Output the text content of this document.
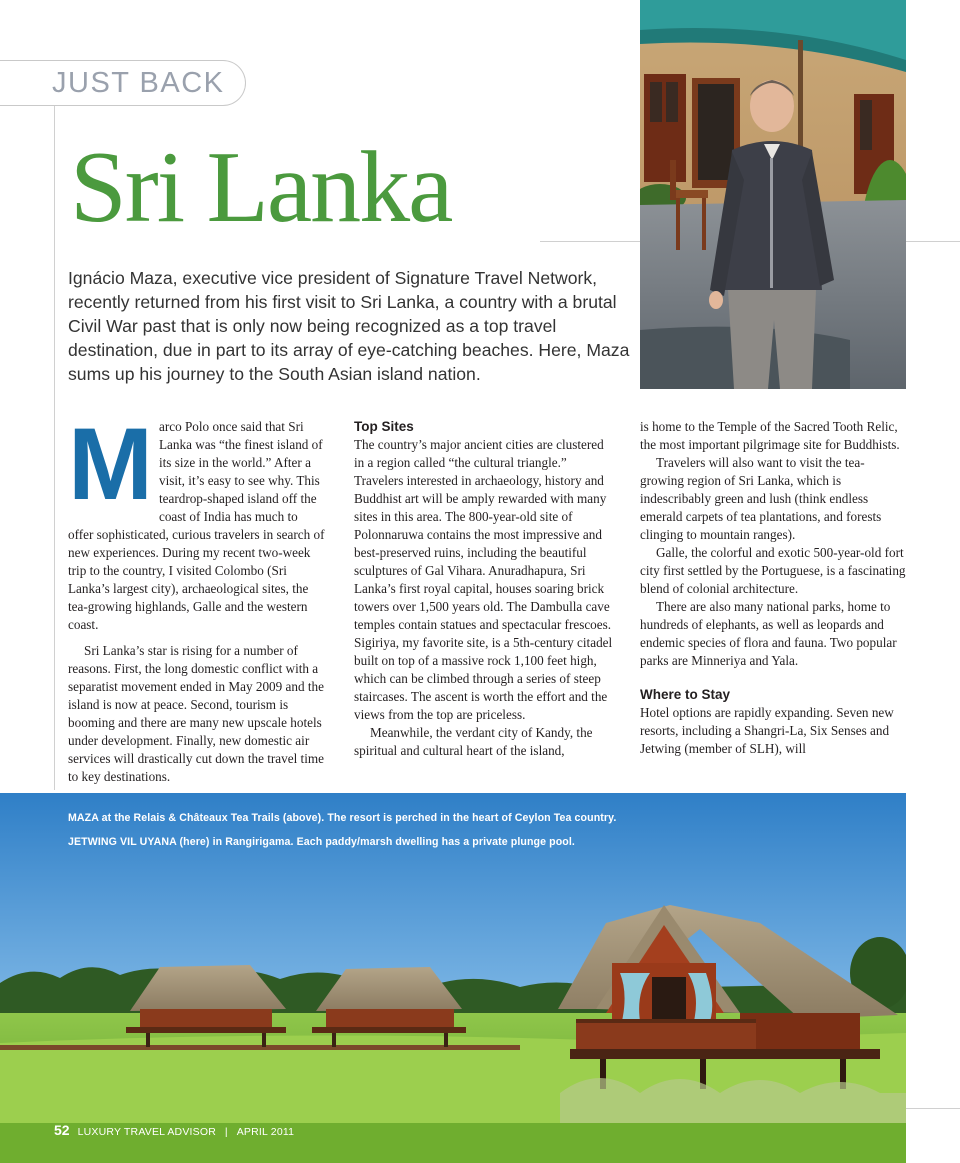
JUST BACK
Sri Lanka
Ignácio Maza, executive vice president of Signature Travel Network, recently returned from his first visit to Sri Lanka, a country with a brutal Civil War past that is only now being recognized as a top travel destination, due in part to its array of eye-catching beaches. Here, Maza sums up his journey to the South Asian island nation.

Marco Polo once said that Sri Lanka was “the finest island of its size in the world.” After a visit, it’s easy to see why. This teardrop-shaped island off the coast of India has much to offer sophisticated, curious travelers in search of new experiences. During my recent two-week trip to the country, I visited Colombo (Sri Lanka’s largest city), archaeological sites, the tea-growing highlands, Galle and the western coast.

Sri Lanka’s star is rising for a number of reasons. First, the long domestic conflict with a separatist movement ended in May 2009 and the island is now at peace. Second, tourism is booming and there are many new upscale hotels under development. Finally, new domestic air services will drastically cut down the travel time to key destinations.

Top Sites

The country’s major ancient cities are clustered in a region called “the cultural triangle.” Travelers interested in archaeology, history and Buddhist art will be amply rewarded with many sites in this area. The 800-year-old site of Polonnaruwa contains the most impressive and best-preserved ruins, including the beautiful sculptures of Gal Vihara. Anuradhapura, Sri Lanka’s first royal capital, houses soaring brick towers over 1,500 years old. The Dambulla cave temples contain statues and spectacular frescoes. Sigiriya, my favorite site, is a 5th-century citadel built on top of a massive rock 1,100 feet high, which can be climbed through a series of steep staircases. The ascent is worth the effort and the views from the top are priceless.

Meanwhile, the verdant city of Kandy, the spiritual and cultural heart of the island,

is home to the Temple of the Sacred Tooth Relic, the most important pilgrimage site for Buddhists.

Travelers will also want to visit the tea-growing region of Sri Lanka, which is indescribably green and lush (think endless emerald carpets of tea plantations, and forests clinging to mountain ranges).

Galle, the colorful and exotic 500-year-old fort city first settled by the Portuguese, is a fascinating blend of colonial architecture.

There are also many national parks, home to hundreds of elephants, as well as leopards and endemic species of flora and fauna. Two popular parks are Minneriya and Yala.

Where to Stay

Hotel options are rapidly expanding. Seven new resorts, including a Shangri-La, Six Senses and Jetwing (member of SLH), will

MAZA at the Relais & Châteaux Tea Trails (above). The resort is perched in the heart of Ceylon Tea country.
JETWING VIL UYANA (here) in Rangirigama. Each paddy/marsh dwelling has a private plunge pool.
52 LUXURY TRAVEL ADVISOR | APRIL 2011
